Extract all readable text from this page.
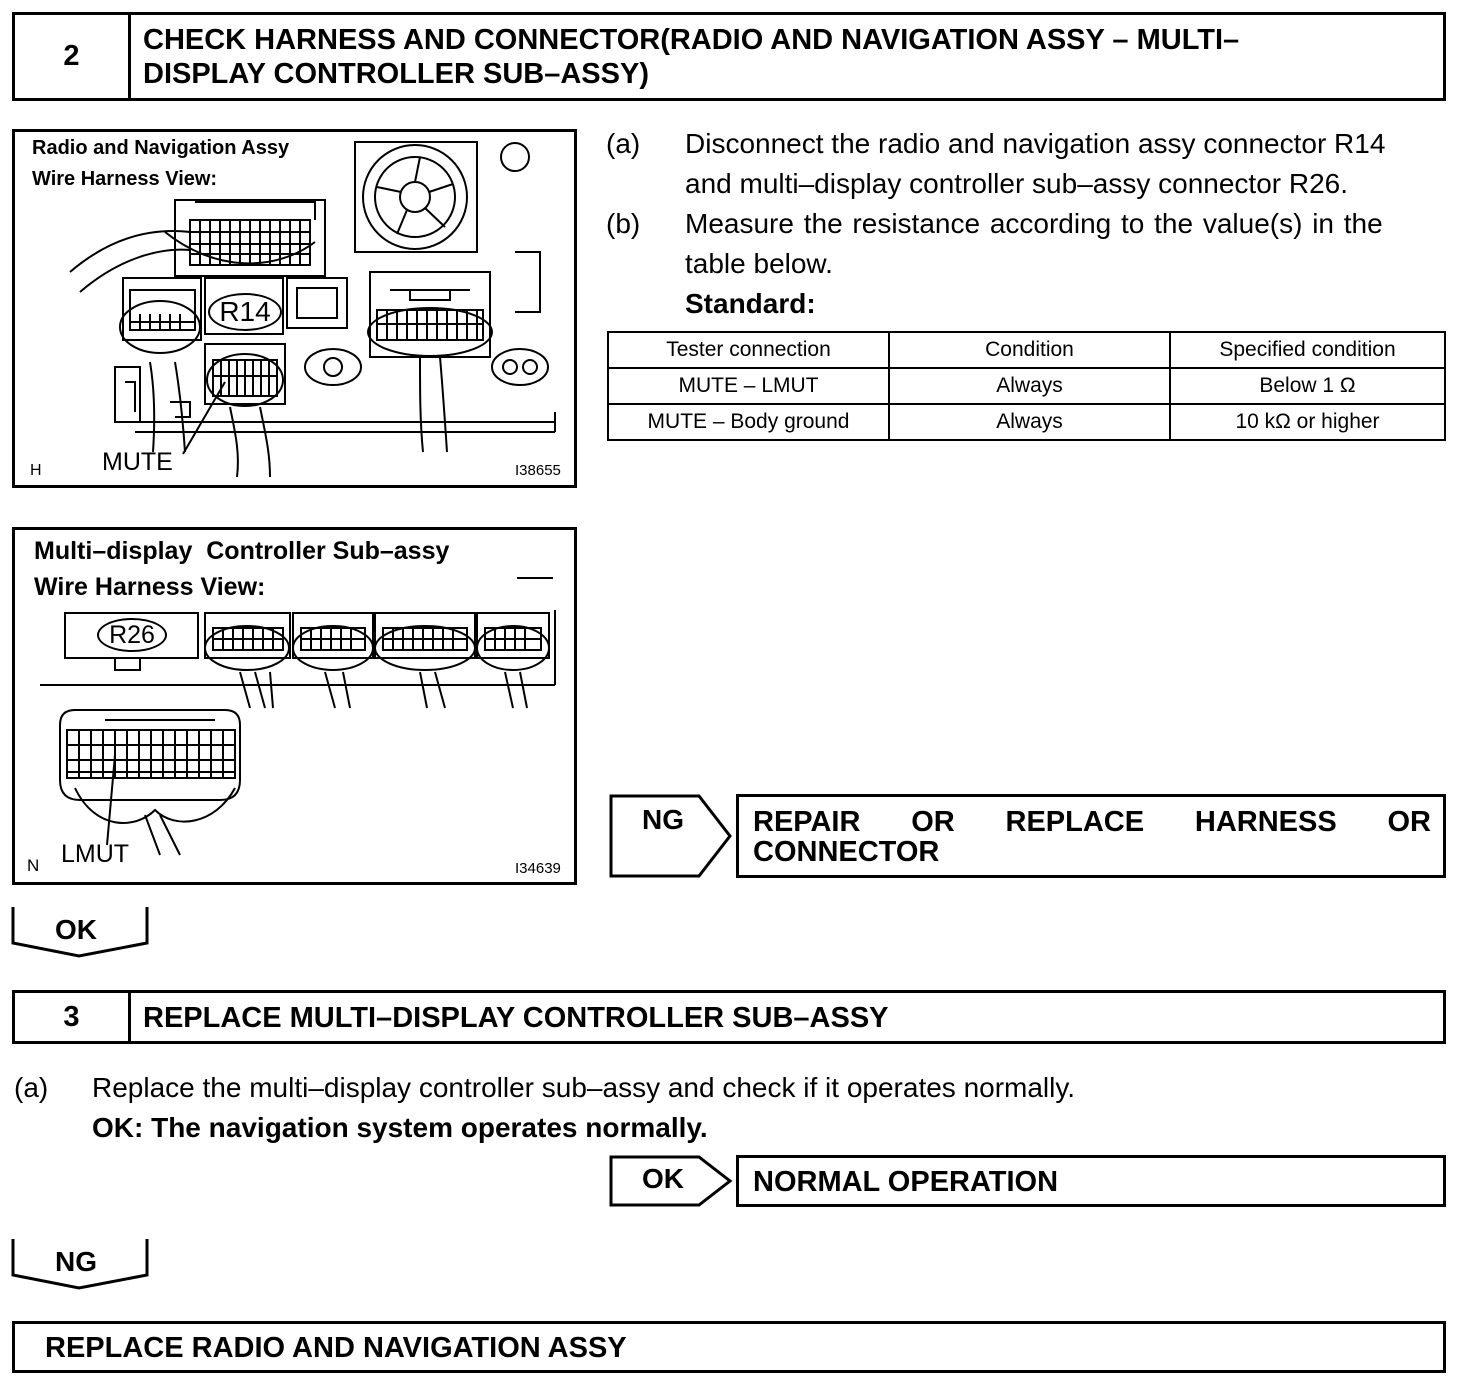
2	CHECK HARNESS AND CONNECTOR(RADIO AND NAVIGATION ASSY – MULTI–
DISPLAY CONTROLLER SUB–ASSY)
Radio and Navigation Assy
Wire Harness View:
R14
MUTE
H	I38655
(a) Disconnect the radio and navigation assy connector R14
and multi–display controller sub–assy connector R26.
(b) Measure the resistance according to the value(s) in the
table below.
Standard:
Tester connection	Condition	Specified condition
MUTE – LMUT	Always	Below 1 Ω
MUTE – Body ground	Always	10 kΩ or higher
Multi–display  Controller Sub–assy
Wire Harness View:
R26
LMUT
N	I34639
NG REPAIR OR REPLACE HARNESS OR
CONNECTOR
OK
3	REPLACE MULTI–DISPLAY CONTROLLER SUB–ASSY
(a) Replace the multi–display controller sub–assy and check if it operates normally.
OK: The navigation system operates normally.
OK NORMAL OPERATION
NG
REPLACE RADIO AND NAVIGATION ASSY
